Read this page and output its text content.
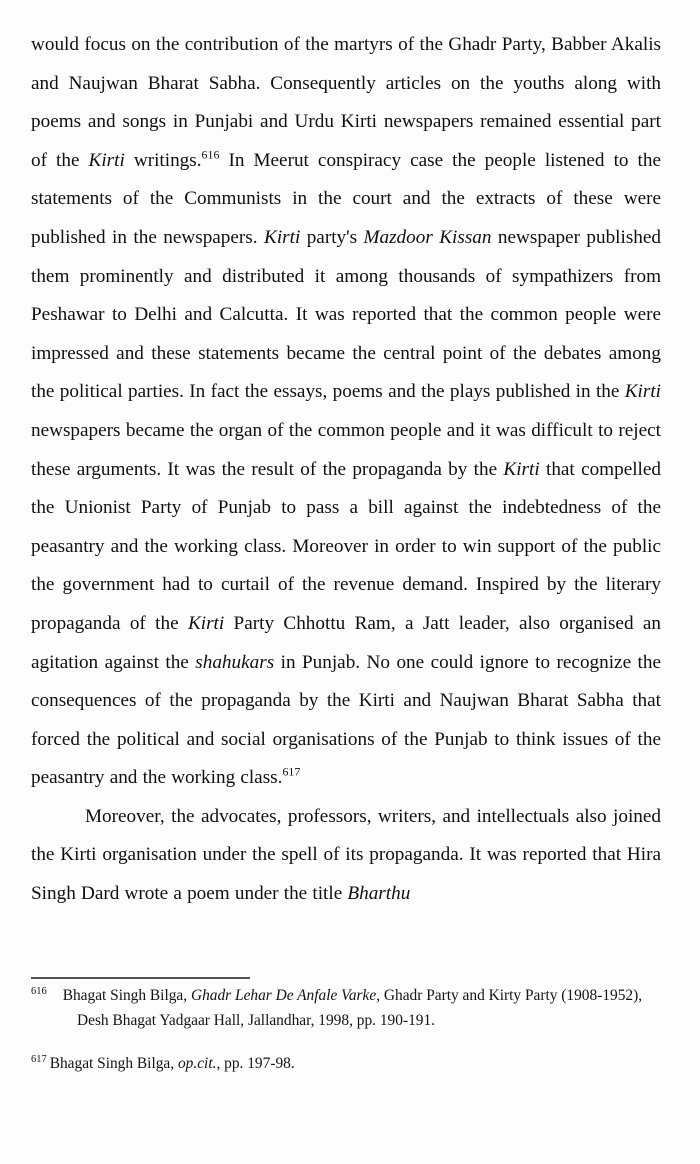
would focus on the contribution of the martyrs of the Ghadr Party, Babber Akalis and Naujwan Bharat Sabha. Consequently articles on the youths along with poems and songs in Punjabi and Urdu Kirti newspapers remained essential part of the Kirti writings.$^{616}$ In Meerut conspiracy case the people listened to the statements of the Communists in the court and the extracts of these were published in the newspapers. Kirti party's Mazdoor Kissan newspaper published them prominently and distributed it among thousands of sympathizers from Peshawar to Delhi and Calcutta. It was reported that the common people were impressed and these statements became the central point of the debates among the political parties. In fact the essays, poems and the plays published in the Kirti newspapers became the organ of the common people and it was difficult to reject these arguments. It was the result of the propaganda by the Kirti that compelled the Unionist Party of Punjab to pass a bill against the indebtedness of the peasantry and the working class. Moreover in order to win support of the public the government had to curtail of the revenue demand. Inspired by the literary propaganda of the Kirti Party Chhottu Ram, a Jatt leader, also organised an agitation against the shahukars in Punjab. No one could ignore to recognize the consequences of the propaganda by the Kirti and Naujwan Bharat Sabha that forced the political and social organisations of the Punjab to think issues of the peasantry and the working class.$^{617}$

Moreover, the advocates, professors, writers, and intellectuals also joined the Kirti organisation under the spell of its propaganda. It was reported that Hira Singh Dard wrote a poem under the title Bharthu

$^{616}$ Bhagat Singh Bilga, Ghadr Lehar De Anfale Varke, Ghadr Party and Kirty Party (1908-1952), Desh Bhagat Yadgaar Hall, Jallandhar, 1998, pp. 190-191.

$^{617}$ Bhagat Singh Bilga, op.cit., pp. 197-98.
